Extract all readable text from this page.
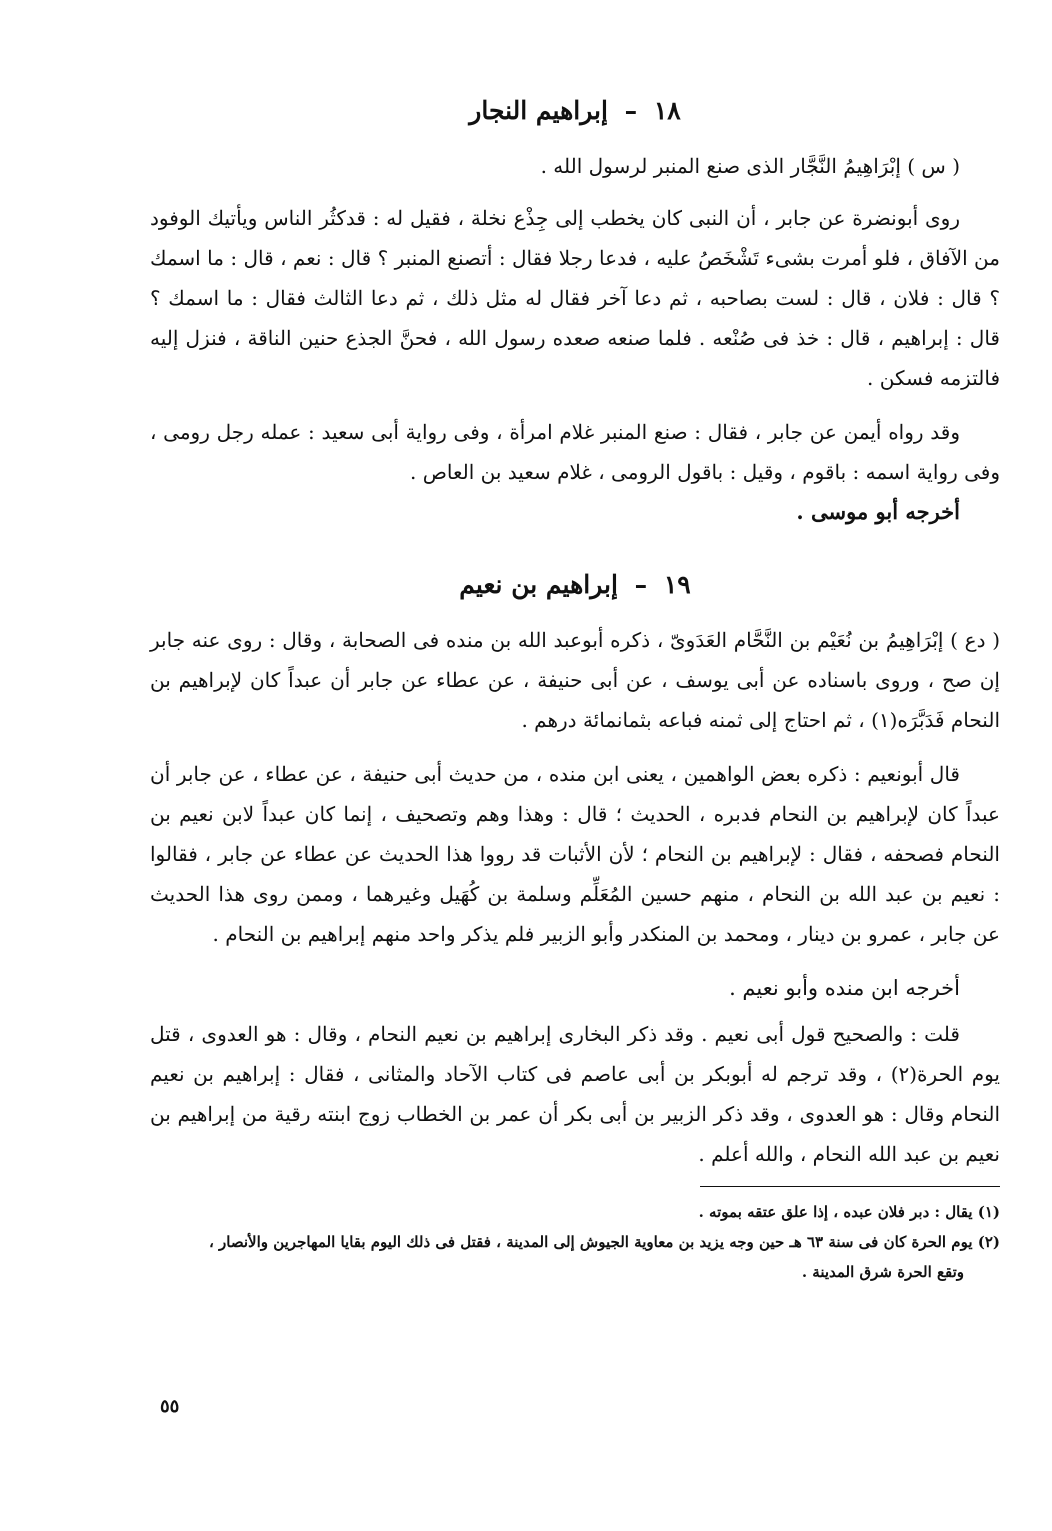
١٨ – إبراهيم النجار

( س ) إبْرَاهِيمُ النَّجَّار الذى صنع المنبر لرسول الله .

روى أبونضرة عن جابر ، أن النبى كان يخطب إلى جِذْع نخلة ، فقيل له : قدكثُر الناس ويأتيك الوفود من الآفاق ، فلو أمرت بشىء تَشْخَصُ عليه ، فدعا رجلا فقال : أتصنع المنبر ؟ قال : نعم ، قال : ما اسمك ؟ قال : فلان ، قال : لست بصاحبه ، ثم دعا آخر فقال له مثل ذلك ، ثم دعا الثالث فقال : ما اسمك ؟ قال : إبراهيم ، قال : خذ فى صُنْعه . فلما صنعه صعده رسول الله ، فحنَّ الجذع حنين الناقة ، فنزل إليه فالتزمه فسكن .

وقد رواه أيمن عن جابر ، فقال : صنع المنبر غلام امرأة ، وفى رواية أبى سعيد : عمله رجل رومى ، وفى رواية اسمه : باقوم ، وقيل : باقول الرومى ، غلام سعيد بن العاص .

أخرجه أبو موسى .

١٩ – إبراهيم بن نعيم

( دع ) إبْرَاهِيمُ بن نُعَيْم بن النَّحَّام العَدَوىّ ، ذكره أبوعبد الله بن منده فى الصحابة ، وقال : روى عنه جابر إن صح ، وروى باسناده عن أبى يوسف ، عن أبى حنيفة ، عن عطاء عن جابر أن عبداً كان لإبراهيم بن النحام فَدَبَّرَه(١) ، ثم احتاج إلى ثمنه فباعه بثمانمائة درهم .

قال أبونعيم : ذكره بعض الواهمين ، يعنى ابن منده ، من حديث أبى حنيفة ، عن عطاء ، عن جابر أن عبداً كان لإبراهيم بن النحام فدبره ، الحديث ؛ قال : وهذا وهم وتصحيف ، إنما كان عبداً لابن نعيم بن النحام فصحفه ، فقال : لإبراهيم بن النحام ؛ لأن الأثبات قد رووا هذا الحديث عن عطاء عن جابر ، فقالوا : نعيم بن عبد الله بن النحام ، منهم حسين المُعَلِّم وسلمة بن كُهَيل وغيرهما ، وممن روى هذا الحديث عن جابر ، عمرو بن دينار ، ومحمد بن المنكدر وأبو الزبير فلم يذكر واحد منهم إبراهيم بن النحام .

أخرجه ابن منده وأبو نعيم .

قلت : والصحيح قول أبى نعيم . وقد ذكر البخارى إبراهيم بن نعيم النحام ، وقال : هو العدوى ، قتل يوم الحرة(٢) ، وقد ترجم له أبوبكر بن أبى عاصم فى كتاب الآحاد والمثانى ، فقال : إبراهيم بن نعيم النحام وقال : هو العدوى ، وقد ذكر الزبير بن أبى بكر أن عمر بن الخطاب زوج ابنته رقية من إبراهيم بن نعيم بن عبد الله النحام ، والله أعلم .

(١) يقال : دبر فلان عبده ، إذا علق عتقه بموته .

(٢) يوم الحرة كان فى سنة ٦٣ هـ حين وجه يزيد بن معاوية الجيوش إلى المدينة ، فقتل فى ذلك اليوم بقايا المهاجرين والأنصار ،

وتقع الحرة شرق المدينة .

٥٥
